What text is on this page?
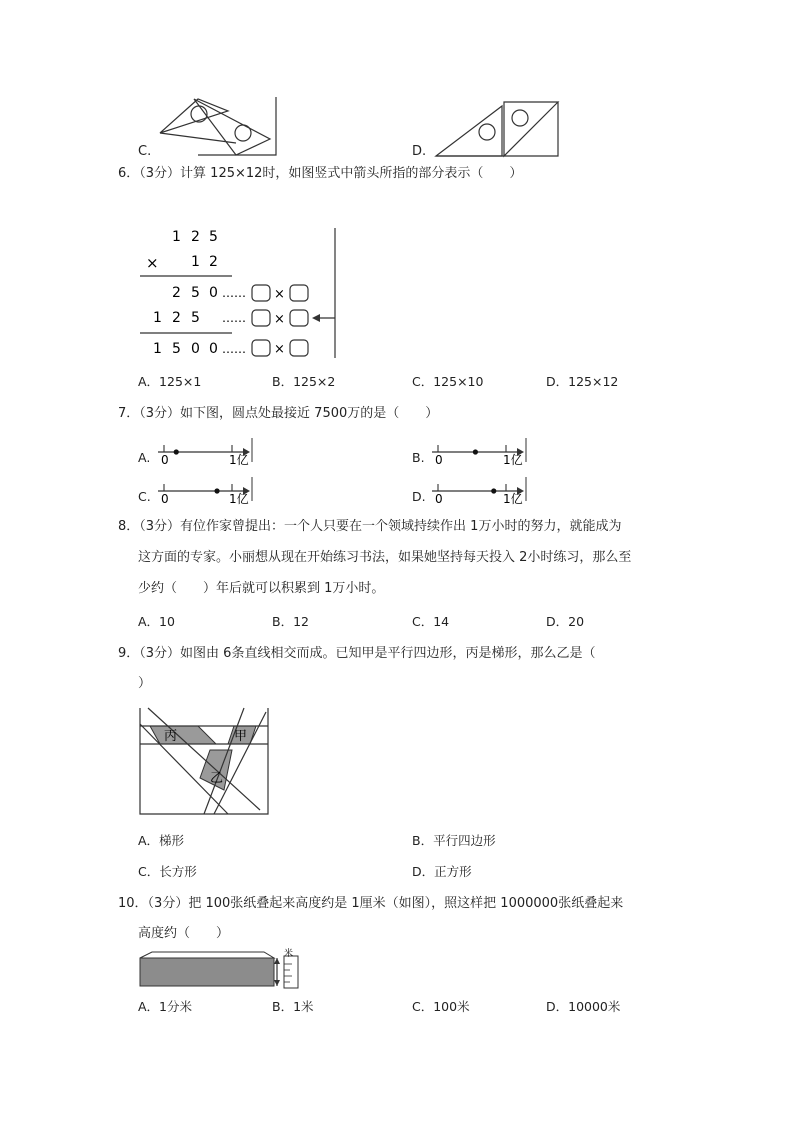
C.	D.
6．（3分）计算 125×12时，如图竖式中箭头所指的部分表示（　　）
1 2 5
× 1 2
2 5 0 …… ×
1 2 5 …… ×
1 5 0 0 …… ×
A．125×1	B．125×2	C．125×10	D．125×12
7．（3分）如下图，圆点处最接近 7500万的是（　　）
A.	B.
C.	D.
0	1亿	0	1亿
0	1亿	0	1亿
8．（3分）有位作家曾提出：一个人只要在一个领域持续作出 1万小时的努力，就能成为
这方面的专家。小丽想从现在开始练习书法，如果她坚持每天投入 2小时练习，那么至
少约（　　）年后就可以积累到 1万小时。
A．10	B．12	C．14	D．20
9．（3分）如图由 6条直线相交而成。已知甲是平行四边形，丙是梯形，那么乙是（
）
丙	甲
乙
A．梯形	B．平行四边形
C．长方形	D．正方形
10．（3分）把 100张纸叠起来高度约是 1厘米（如图），照这样把 1000000张纸叠起来
高度约（　　）
米
A．1分米	B．1米	C．100米	D．10000米
